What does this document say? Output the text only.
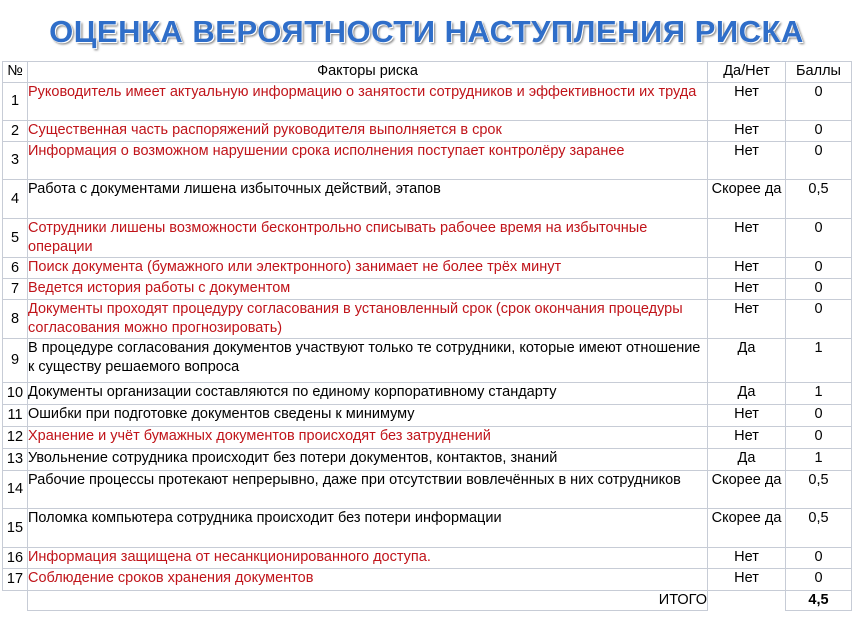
ОЦЕНКА ВЕРОЯТНОСТИ НАСТУПЛЕНИЯ РИСКА
№	Факторы риска	Да/Нет	Баллы
1	Руководитель имеет актуальную информацию о занятости сотрудников и эффективности их труда	Нет	0
2	Существенная часть распоряжений руководителя выполняется в срок	Нет	0
3	Информация о возможном нарушении срока исполнения поступает контролёру заранее	Нет	0
4	Работа с документами лишена избыточных действий, этапов	Скорее да	0,5
5	Сотрудники лишены возможности бесконтрольно списывать рабочее время на избыточные операции	Нет	0
6	Поиск документа (бумажного или электронного) занимает не более трёх минут	Нет	0
7	Ведется история работы с документом	Нет	0
8	Документы проходят процедуру согласования в установленный срок (срок окончания процедуры согласования можно прогнозировать)	Нет	0
9	В процедуре согласования документов участвуют только те сотрудники, которые имеют отношение к существу решаемого вопроса	Да	1
10	Документы организации составляются по единому корпоративному стандарту	Да	1
11	Ошибки при подготовке документов сведены к минимуму	Нет	0
12	Хранение и учёт бумажных документов происходят без затруднений	Нет	0
13	Увольнение сотрудника происходит без потери документов, контактов, знаний	Да	1
14	Рабочие процессы протекают непрерывно, даже при отсутствии вовлечённых в них сотрудников	Скорее да	0,5
15	Поломка компьютера сотрудника происходит без потери информации	Скорее да	0,5
16	Информация защищена от несанкционированного доступа.	Нет	0
17	Соблюдение сроков хранения документов	Нет	0
	ИТОГО		4,5
